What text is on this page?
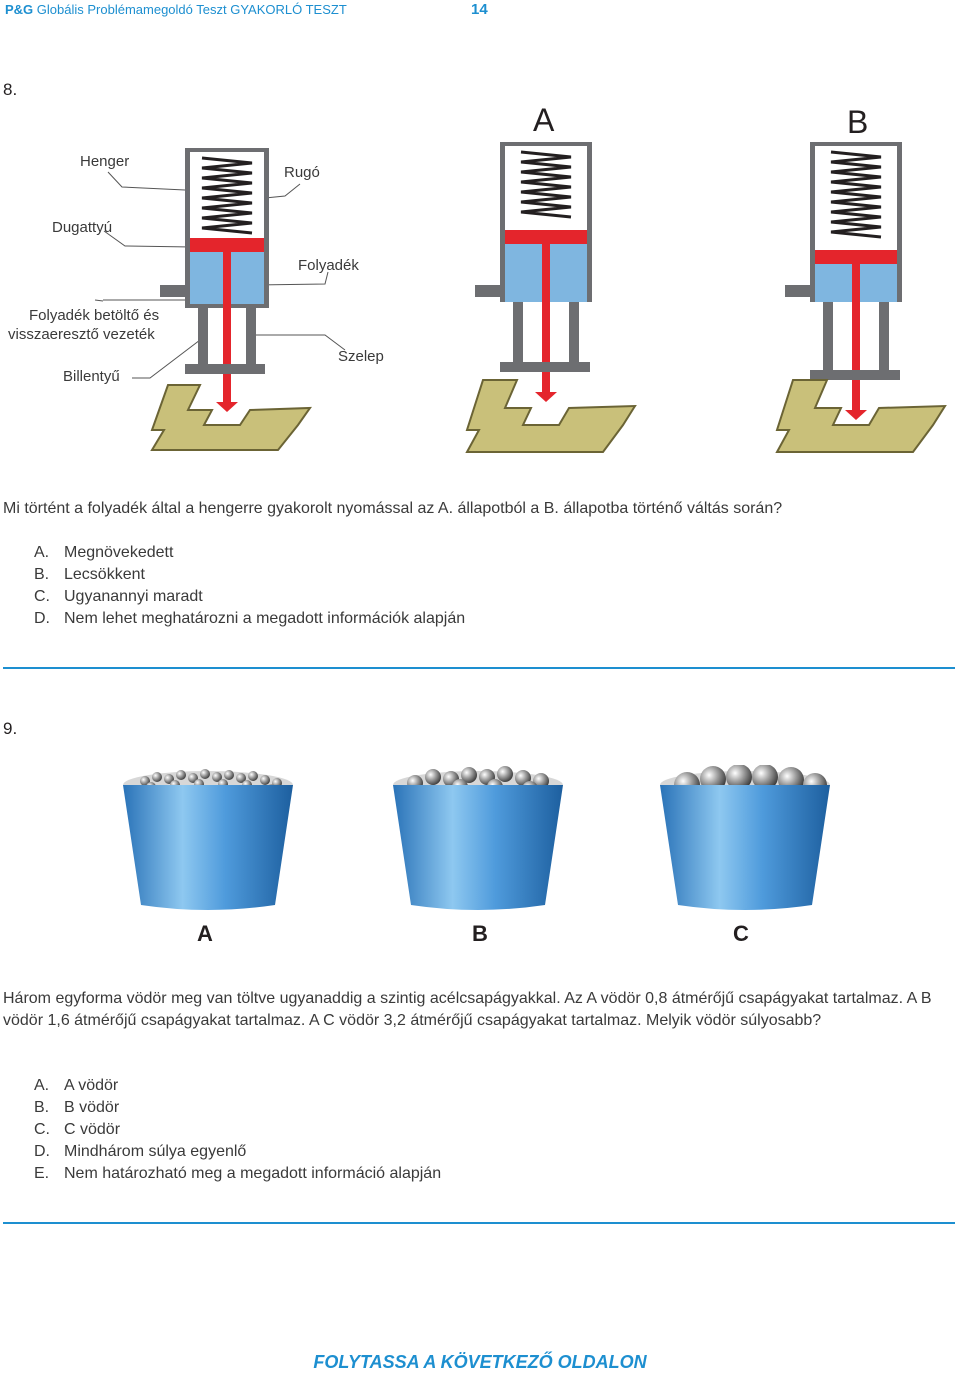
P&G Globális Problémamegoldó Teszt GYAKORLÓ TESZT	14
8.
Henger
Rugó
Dugattyú
Folyadék
Folyadék betöltő és
visszaeresztő vezeték
Szelep
Billentyű
A	B
Mi történt a folyadék által a hengerre gyakorolt nyomással az A. állapotból a B. állapotba történő váltás során?
A. Megnövekedett
B. Lecsökkent
C. Ugyanannyi maradt
D. Nem lehet meghatározni a megadott információk alapján
9.
A	B	C
Három egyforma vödör meg van töltve ugyanaddig a szintig acélcsapágyakkal. Az A vödör 0,8 átmérőjű csapágyakat tartalmaz. A B vödör 1,6 átmérőjű csapágyakat tartalmaz. A C vödör 3,2 átmérőjű csapágyakat tartalmaz. Melyik vödör súlyosabb?
A. A vödör
B. B vödör
C. C vödör
D. Mindhárom súlya egyenlő
E. Nem határozható meg a megadott információ alapján
FOLYTASSA A KÖVETKEZŐ OLDALON
